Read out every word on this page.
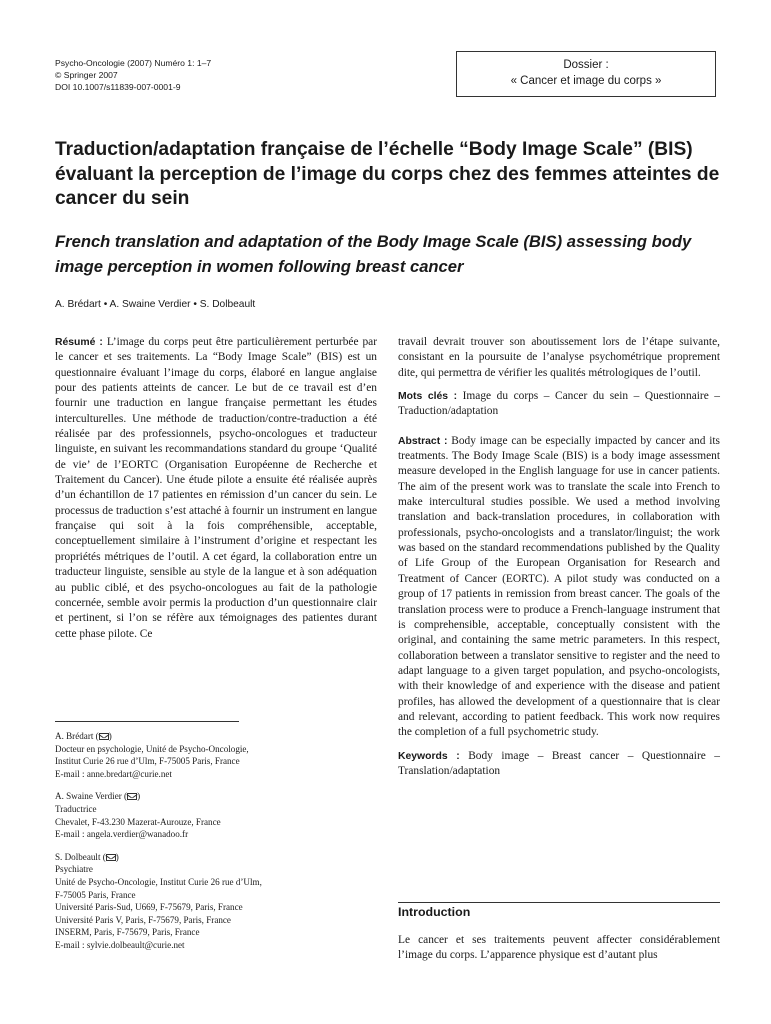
Psycho-Oncologie (2007) Numéro 1: 1–7
© Springer 2007
DOI 10.1007/s11839-007-0001-9
Dossier :
« Cancer et image du corps »
Traduction/adaptation française de l’échelle “Body Image Scale” (BIS) évaluant la perception de l’image du corps chez des femmes atteintes de cancer du sein
French translation and adaptation of the Body Image Scale (BIS) assessing body image perception in women following breast cancer
A. Brédart • A. Swaine Verdier • S. Dolbeault

Résumé : L’image du corps peut être particulièrement perturbée par le cancer et ses traitements. La “Body Image Scale” (BIS) est un questionnaire évaluant l’image du corps, élaboré en langue anglaise pour des patients atteints de cancer. Le but de ce travail est d’en fournir une traduction en langue française permettant les études interculturelles. Une méthode de traduction/contre-traduction a été réalisée par des professionnels, psycho-oncologues et traducteur linguiste, en suivant les recommandations standard du groupe ‘Qualité de vie’ de l’EORTC (Organisation Européenne de Recherche et Traitement du Cancer). Une étude pilote a ensuite été réalisée auprès d’un échantillon de 17 patientes en rémission d’un cancer du sein. Le processus de traduction s’est attaché à fournir un instrument en langue française qui soit à la fois compréhensible, acceptable, conceptuellement similaire à l’instrument d’origine et respectant les propriétés métriques de l’outil. A cet égard, la collaboration entre un traducteur linguiste, sensible au style de la langue et à son adéquation au public ciblé, et des psycho-oncologues au fait de la pathologie concernée, semble avoir permis la production d’un questionnaire clair et pertinent, si l’on se réfère aux témoignages des patientes durant cette phase pilote. Ce

A. Brédart ( )
Docteur en psychologie, Unité de Psycho-Oncologie,
Institut Curie 26 rue d’Ulm, F-75005 Paris, France
E-mail : anne.bredart@curie.net
A. Swaine Verdier ( )
Traductrice
Chevalet, F-43.230 Mazerat-Aurouze, France
E-mail : angela.verdier@wanadoo.fr
S. Dolbeault ( )
Psychiatre
Unité de Psycho-Oncologie, Institut Curie 26 rue d’Ulm,
F-75005 Paris, France
Université Paris-Sud, U669, F-75679, Paris, France
Université Paris V, Paris, F-75679, Paris, France
INSERM, Paris, F-75679, Paris, France
E-mail : sylvie.dolbeault@curie.net

travail devrait trouver son aboutissement lors de l’étape suivante, consistant en la poursuite de l’analyse psychométrique proprement dite, qui permettra de vérifier les qualités métrologiques de l’outil.

Mots clés : Image du corps – Cancer du sein – Questionnaire – Traduction/adaptation

Abstract : Body image can be especially impacted by cancer and its treatments. The Body Image Scale (BIS) is a body image assessment measure developed in the English language for use in cancer patients. The aim of the present work was to translate the scale into French to make intercultural studies possible. We used a method involving translation and back-translation procedures, in collaboration with professionals, psycho-oncologists and a translator/linguist; the work was based on the standard recommendations published by the Quality of Life Group of the European Organisation for Research and Treatment of Cancer (EORTC). A pilot study was conducted on a group of 17 patients in remission from breast cancer. The goals of the translation process were to produce a French-language instrument that is comprehensible, acceptable, conceptually consistent with the original, and containing the same metric parameters. In this respect, collaboration between a translator sensitive to register and the need to adapt language to a given target population, and psycho-oncologists, with their knowledge of and experience with the disease and patient profiles, has allowed the development of a questionnaire that is clear and relevant, according to patient feedback. This work now requires the completion of a full psychometric study.

Keywords : Body image – Breast cancer – Questionnaire – Translation/adaptation

Introduction
Le cancer et ses traitements peuvent affecter considérablement l’image du corps. L’apparence physique est d’autant plus
